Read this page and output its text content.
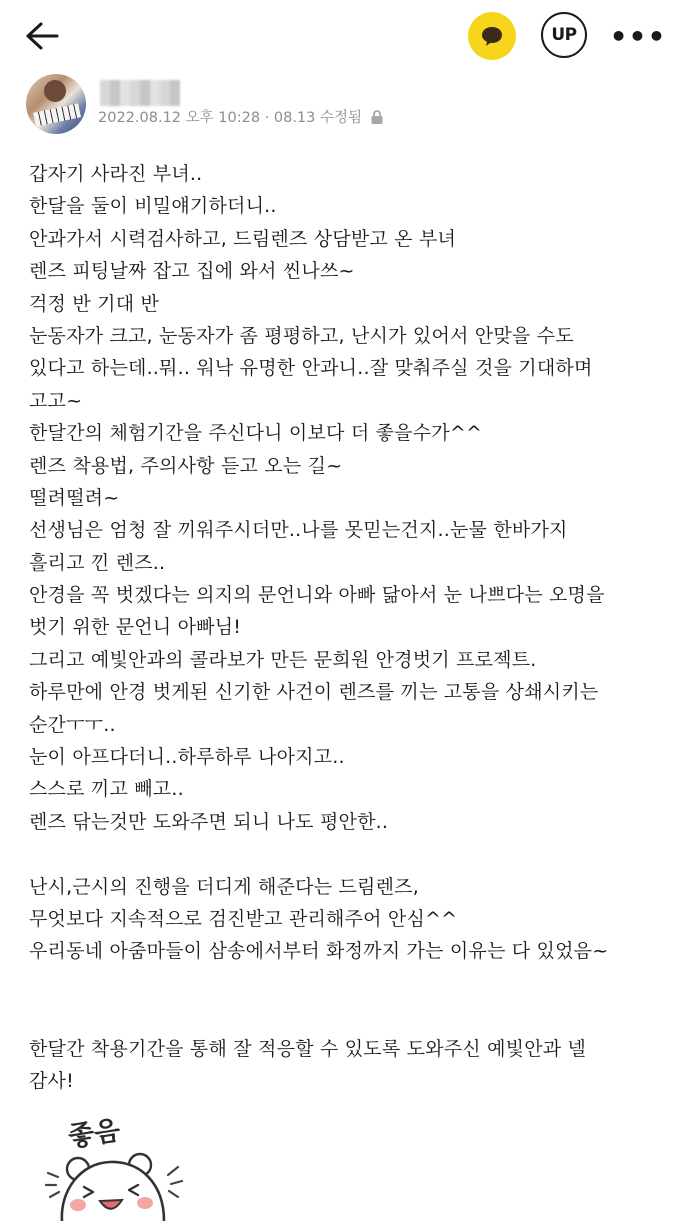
UP	•••
2022.08.12 오후 10:28 · 08.13 수정됨
갑자기 사라진 부녀..
한달을 둘이 비밀얘기하더니..
안과가서 시력검사하고, 드림렌즈 상담받고 온 부녀
렌즈 피팅날짜 잡고 집에 와서 씬나쓰~
걱정 반 기대 반
눈동자가 크고, 눈동자가 좀 평평하고, 난시가 있어서 안맞을 수도
있다고 하는데..뭐.. 워낙 유명한 안과니..잘 맞춰주실 것을 기대하며
고고~
한달간의 체험기간을 주신다니 이보다 더 좋을수가^^
렌즈 착용법, 주의사항 듣고 오는 길~
떨려떨려~
선생님은 엄청 잘 끼워주시더만..나를 못믿는건지..눈물 한바가지
흘리고 낀 렌즈..
안경을 꼭 벗겠다는 의지의 문언니와 아빠 닮아서 눈 나쁘다는 오명을
벗기 위한 문언니 아빠님!
그리고 예빛안과의 콜라보가 만든 문희원 안경벗기 프로젝트.
하루만에 안경 벗게된 신기한 사건이 렌즈를 끼는 고통을 상쇄시키는
순간ㅜㅜ..
눈이 아프다더니..하루하루 나아지고..
스스로 끼고 빼고..
렌즈 닦는것만 도와주면 되니 나도 평안한..
난시,근시의 진행을 더디게 해준다는 드림렌즈,
무엇보다 지속적으로 검진받고 관리해주어 안심^^
우리동네 아줌마들이 삼송에서부터 화정까지 가는 이유는 다 있었음~
한달간 착용기간을 통해 잘 적응할 수 있도록 도와주신 예빛안과 넬
감사!
좋음
